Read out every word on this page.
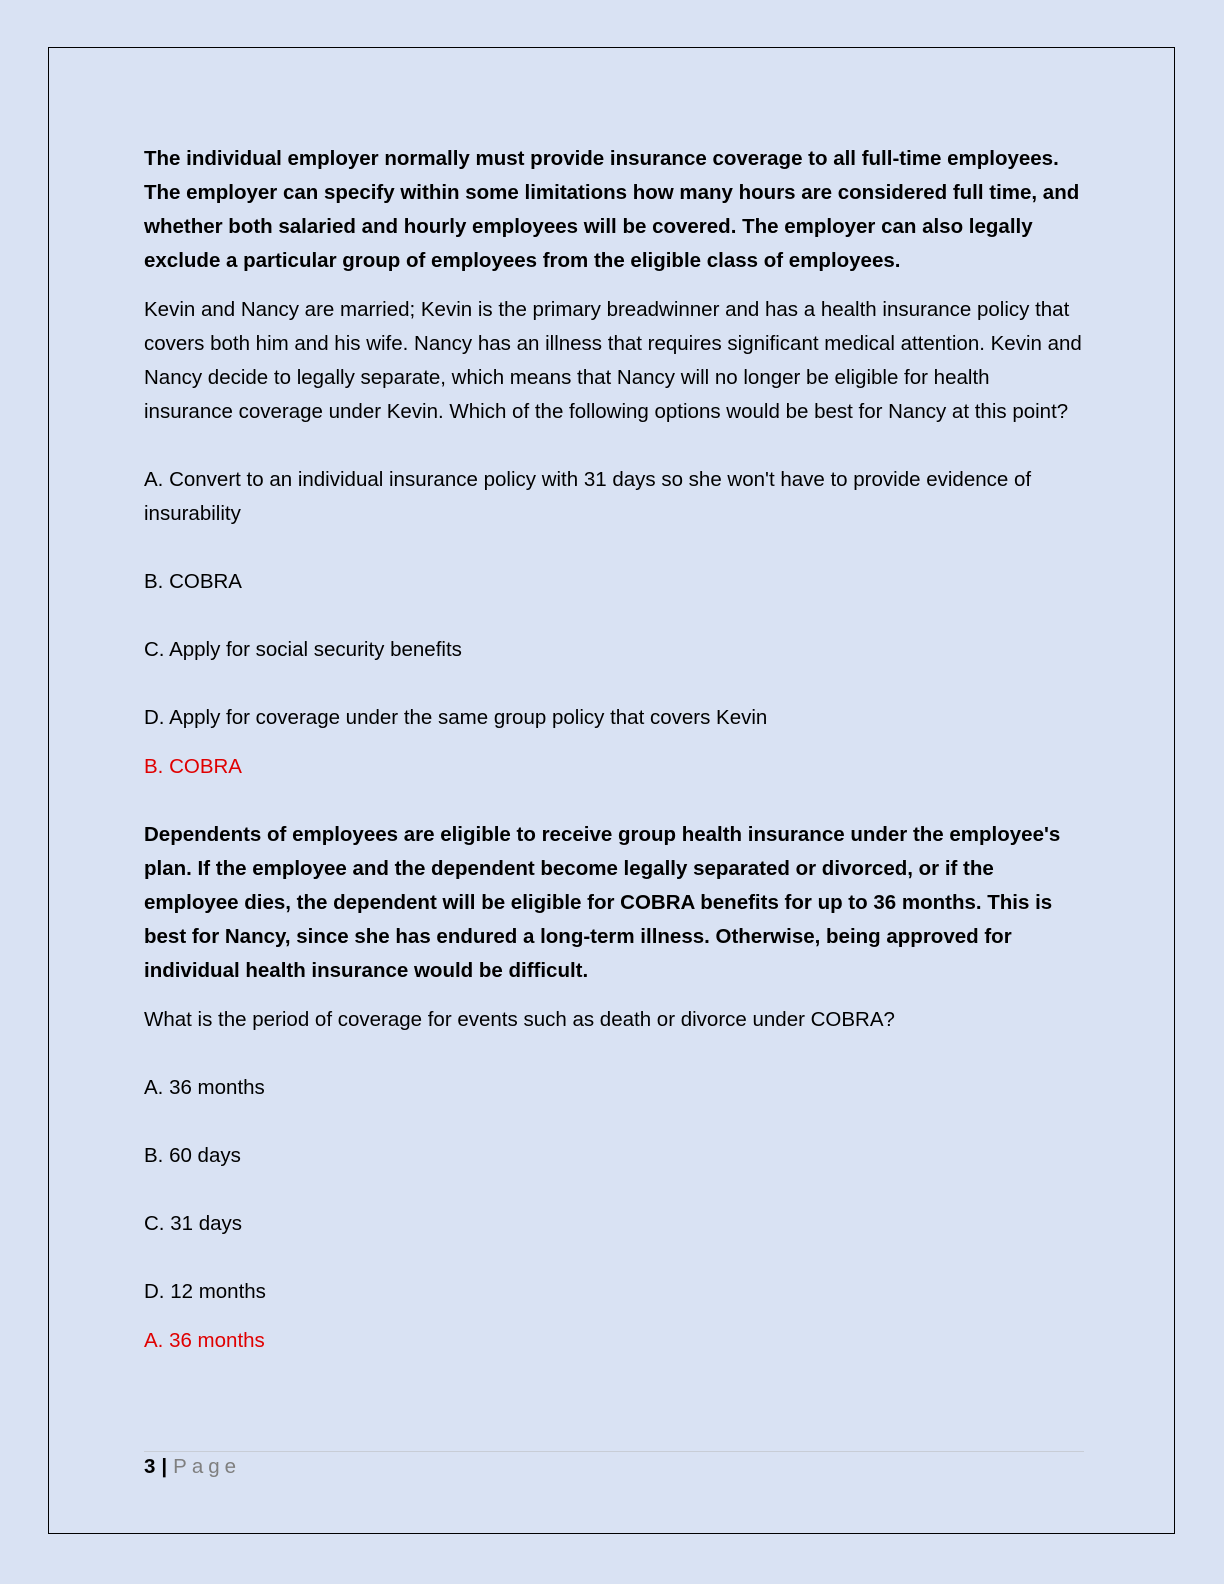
The individual employer normally must provide insurance coverage to all full-time employees. The employer can specify within some limitations how many hours are considered full time, and whether both salaried and hourly employees will be covered. The employer can also legally exclude a particular group of employees from the eligible class of employees.

Kevin and Nancy are married; Kevin is the primary breadwinner and has a health insurance policy that covers both him and his wife. Nancy has an illness that requires significant medical attention. Kevin and Nancy decide to legally separate, which means that Nancy will no longer be eligible for health insurance coverage under Kevin. Which of the following options would be best for Nancy at this point?

A. Convert to an individual insurance policy with 31 days so she won't have to provide evidence of insurability

B. COBRA

C. Apply for social security benefits

D. Apply for coverage under the same group policy that covers Kevin

B. COBRA

Dependents of employees are eligible to receive group health insurance under the employee's plan. If the employee and the dependent become legally separated or divorced, or if the employee dies, the dependent will be eligible for COBRA benefits for up to 36 months. This is best for Nancy, since she has endured a long-term illness. Otherwise, being approved for individual health insurance would be difficult.

What is the period of coverage for events such as death or divorce under COBRA?

A. 36 months

B. 60 days

C. 31 days

D. 12 months

A. 36 months

3 | Page
